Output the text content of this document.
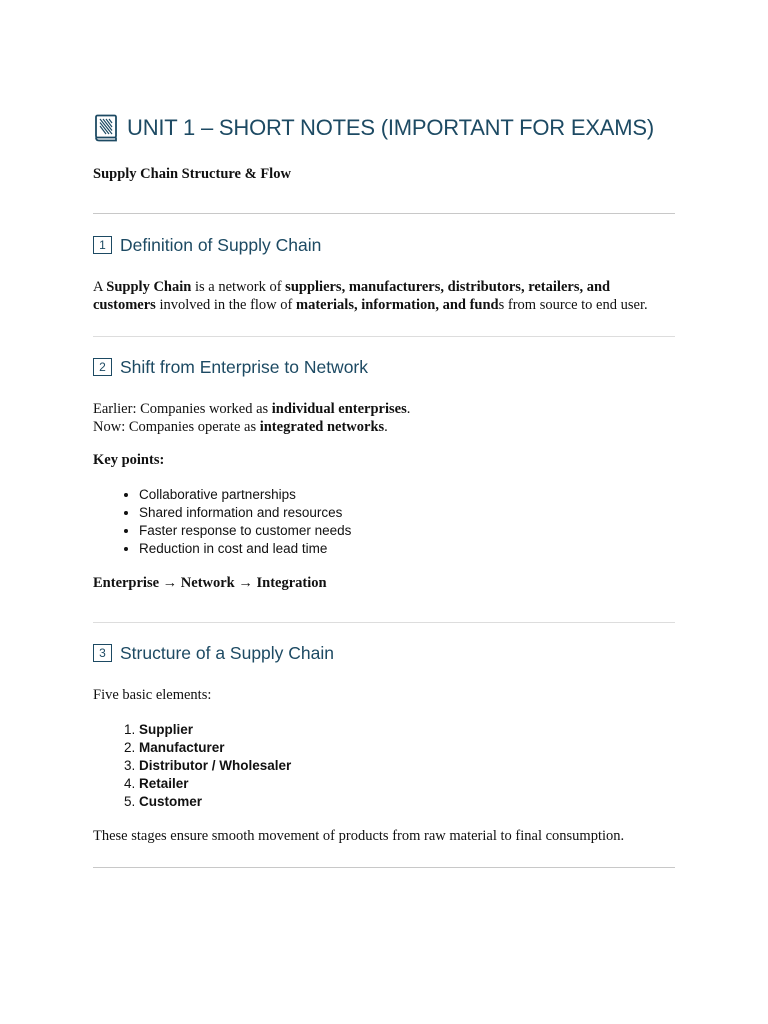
UNIT 1 – SHORT NOTES (IMPORTANT FOR EXAMS)
Supply Chain Structure & Flow
1 Definition of Supply Chain

A Supply Chain is a network of suppliers, manufacturers, distributors, retailers, and customers involved in the flow of materials, information, and funds from source to end user.

2 Shift from Enterprise to Network

Earlier: Companies worked as individual enterprises.

Now: Companies operate as integrated networks.

Key points:

• Collaborative partnerships
• Shared information and resources
• Faster response to customer needs
• Reduction in cost and lead time

Enterprise → Network → Integration

3 Structure of a Supply Chain

Five basic elements:

1. Supplier
2. Manufacturer
3. Distributor / Wholesaler
4. Retailer
5. Customer

These stages ensure smooth movement of products from raw material to final consumption.
